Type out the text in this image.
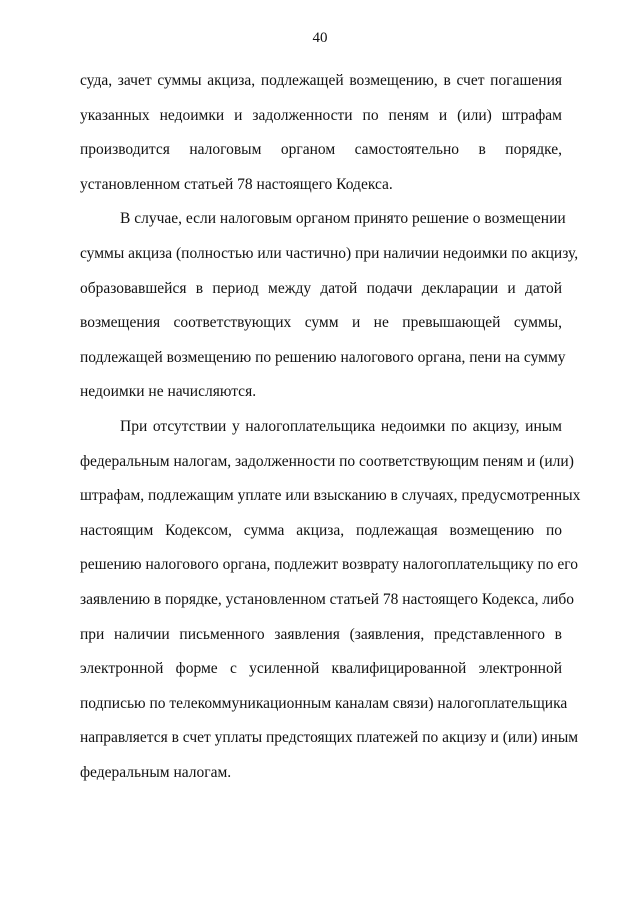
40
суда, зачет суммы акциза, подлежащей возмещению, в счет погашения
указанных недоимки и задолженности по пеням и (или) штрафам
производится налоговым органом самостоятельно в порядке,
установленном статьей 78 настоящего Кодекса.
В случае, если налоговым органом принято решение о возмещении
суммы акциза (полностью или частично) при наличии недоимки по акцизу,
образовавшейся в период между датой подачи декларации и датой
возмещения соответствующих сумм и не превышающей суммы,
подлежащей возмещению по решению налогового органа, пени на сумму
недоимки не начисляются.
При отсутствии у налогоплательщика недоимки по акцизу, иным
федеральным налогам, задолженности по соответствующим пеням и (или)
штрафам, подлежащим уплате или взысканию в случаях, предусмотренных
настоящим Кодексом, сумма акциза, подлежащая возмещению по
решению налогового органа, подлежит возврату налогоплательщику по его
заявлению в порядке, установленном статьей 78 настоящего Кодекса, либо
при наличии письменного заявления (заявления, представленного в
электронной форме с усиленной квалифицированной электронной
подписью по телекоммуникационным каналам связи) налогоплательщика
направляется в счет уплаты предстоящих платежей по акцизу и (или) иным
федеральным налогам.
